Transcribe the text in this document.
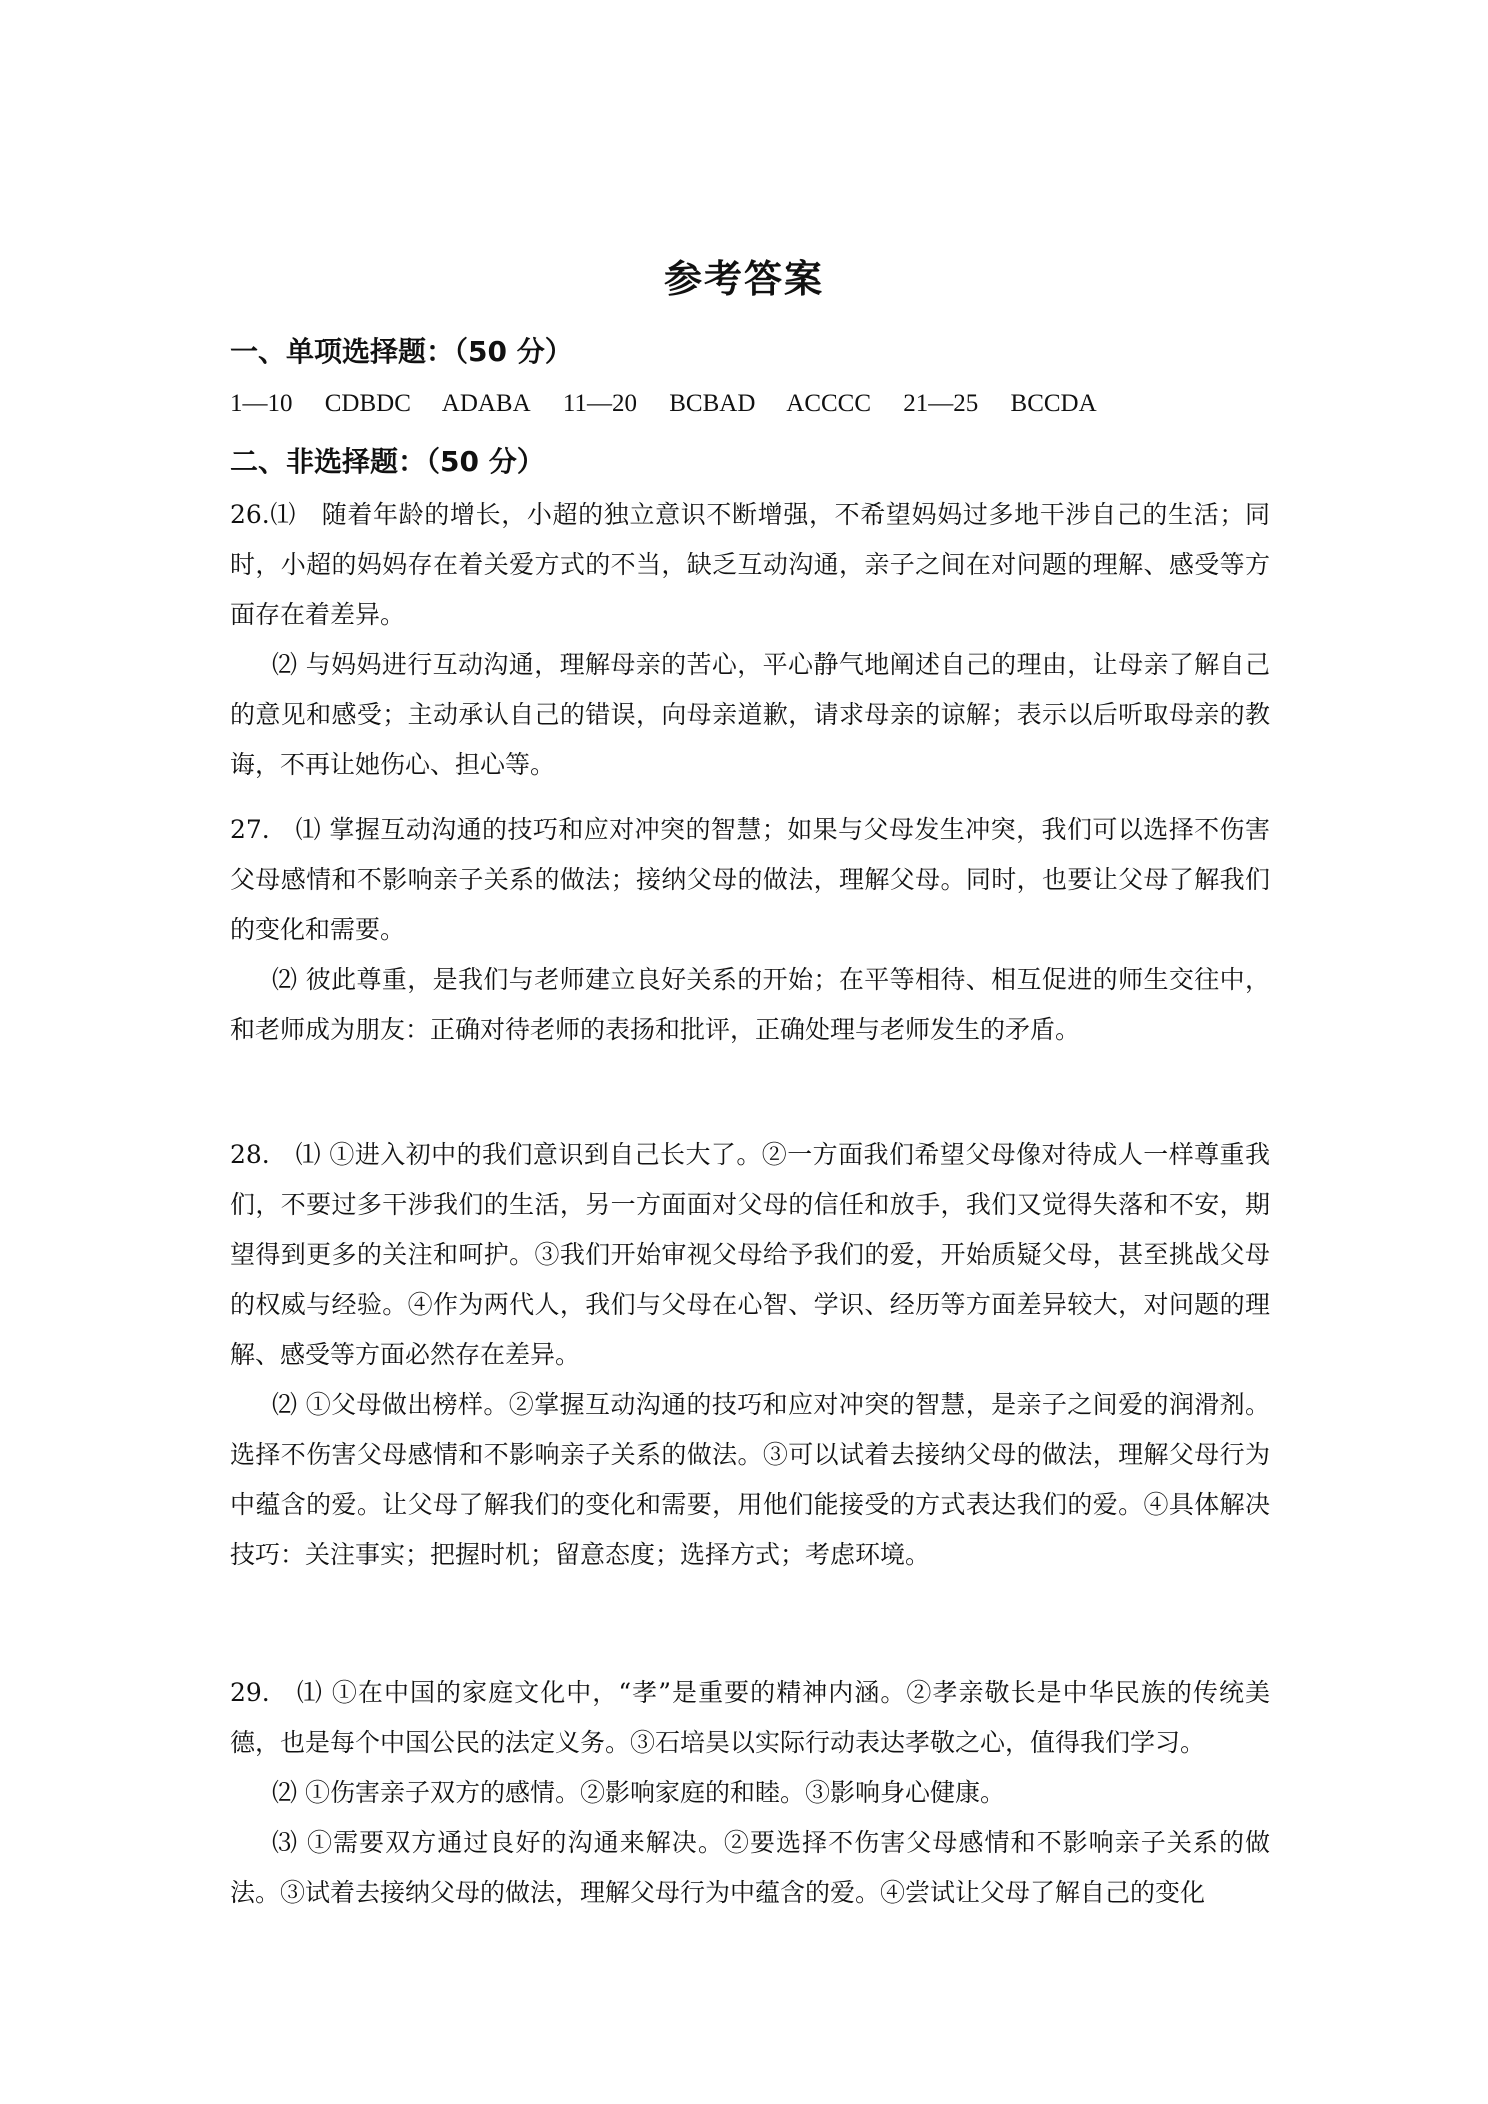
参考答案
一、单项选择题：（50 分）
1—10 CDBDC ADABA 11—20 BCBAD ACCCC 21—25 BCCDA
二、非选择题：（50 分）

26.⑴　随着年龄的增长，小超的独立意识不断增强，不希望妈妈过多地干涉自己的生活；同时，小超的妈妈存在着关爱方式的不当，缺乏互动沟通，亲子之间在对问题的理解、感受等方面存在着差异。

⑵ 与妈妈进行互动沟通，理解母亲的苦心，平心静气地阐述自己的理由，让母亲了解自己的意见和感受；主动承认自己的错误，向母亲道歉，请求母亲的谅解；表示以后听取母亲的教诲，不再让她伤心、担心等。

27.　⑴ 掌握互动沟通的技巧和应对冲突的智慧；如果与父母发生冲突，我们可以选择不伤害父母感情和不影响亲子关系的做法；接纳父母的做法，理解父母。同时，也要让父母了解我们的变化和需要。

⑵ 彼此尊重，是我们与老师建立良好关系的开始；在平等相待、相互促进的师生交往中，和老师成为朋友：正确对待老师的表扬和批评，正确处理与老师发生的矛盾。

28.　⑴ ①进入初中的我们意识到自己长大了。②一方面我们希望父母像对待成人一样尊重我们，不要过多干涉我们的生活，另一方面面对父母的信任和放手，我们又觉得失落和不安，期望得到更多的关注和呵护。③我们开始审视父母给予我们的爱，开始质疑父母，甚至挑战父母的权威与经验。④作为两代人，我们与父母在心智、学识、经历等方面差异较大，对问题的理解、感受等方面必然存在差异。

⑵ ①父母做出榜样。②掌握互动沟通的技巧和应对冲突的智慧，是亲子之间爱的润滑剂。选择不伤害父母感情和不影响亲子关系的做法。③可以试着去接纳父母的做法，理解父母行为中蕴含的爱。让父母了解我们的变化和需要，用他们能接受的方式表达我们的爱。④具体解决技巧：关注事实；把握时机；留意态度；选择方式；考虑环境。

29.　⑴ ①在中国的家庭文化中，“孝”是重要的精神内涵。②孝亲敬长是中华民族的传统美德，也是每个中国公民的法定义务。③石培昊以实际行动表达孝敬之心，值得我们学习。

⑵ ①伤害亲子双方的感情。②影响家庭的和睦。③影响身心健康。

⑶ ①需要双方通过良好的沟通来解决。②要选择不伤害父母感情和不影响亲子关系的做法。③试着去接纳父母的做法，理解父母行为中蕴含的爱。④尝试让父母了解自己的变化
